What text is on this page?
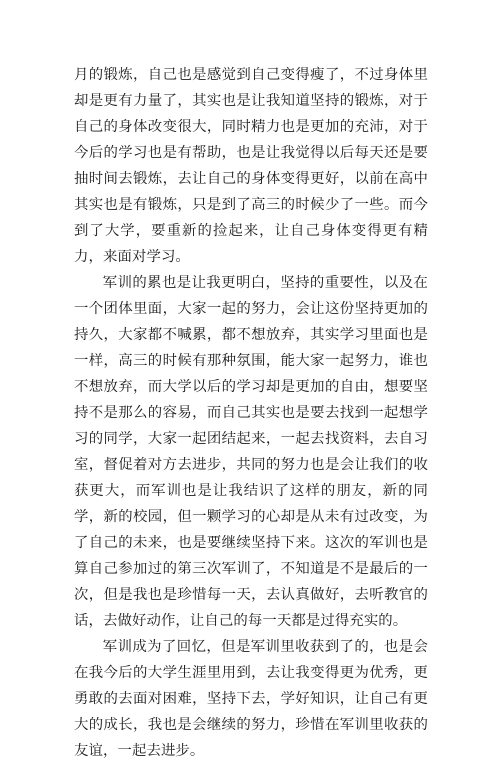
月的锻炼，自己也是感觉到自己变得瘦了，不过身体里却是更有力量了，其实也是让我知道坚持的锻炼，对于自己的身体改变很大，同时精力也是更加的充沛，对于今后的学习也是有帮助，也是让我觉得以后每天还是要抽时间去锻炼，去让自己的身体变得更好，以前在高中其实也是有锻炼，只是到了高三的时候少了一些。而今到了大学，要重新的捡起来，让自己身体变得更有精力，来面对学习。

军训的累也是让我更明白，坚持的重要性，以及在一个团体里面，大家一起的努力，会让这份坚持更加的持久，大家都不喊累，都不想放弃，其实学习里面也是一样，高三的时候有那种氛围，能大家一起努力，谁也不想放弃，而大学以后的学习却是更加的自由，想要坚持不是那么的容易，而自己其实也是要去找到一起想学习的同学，大家一起团结起来，一起去找资料，去自习室，督促着对方去进步，共同的努力也是会让我们的收获更大，而军训也是让我结识了这样的朋友，新的同学，新的校园，但一颗学习的心却是从未有过改变，为了自己的未来，也是要继续坚持下来。这次的军训也是算自己参加过的第三次军训了，不知道是不是最后的一次，但是我也是珍惜每一天，去认真做好，去听教官的话，去做好动作，让自己的每一天都是过得充实的。

军训成为了回忆，但是军训里收获到了的，也是会在我今后的大学生涯里用到，去让我变得更为优秀，更勇敢的去面对困难，坚持下去，学好知识，让自己有更大的成长，我也是会继续的努力，珍惜在军训里收获的友谊，一起去进步。
